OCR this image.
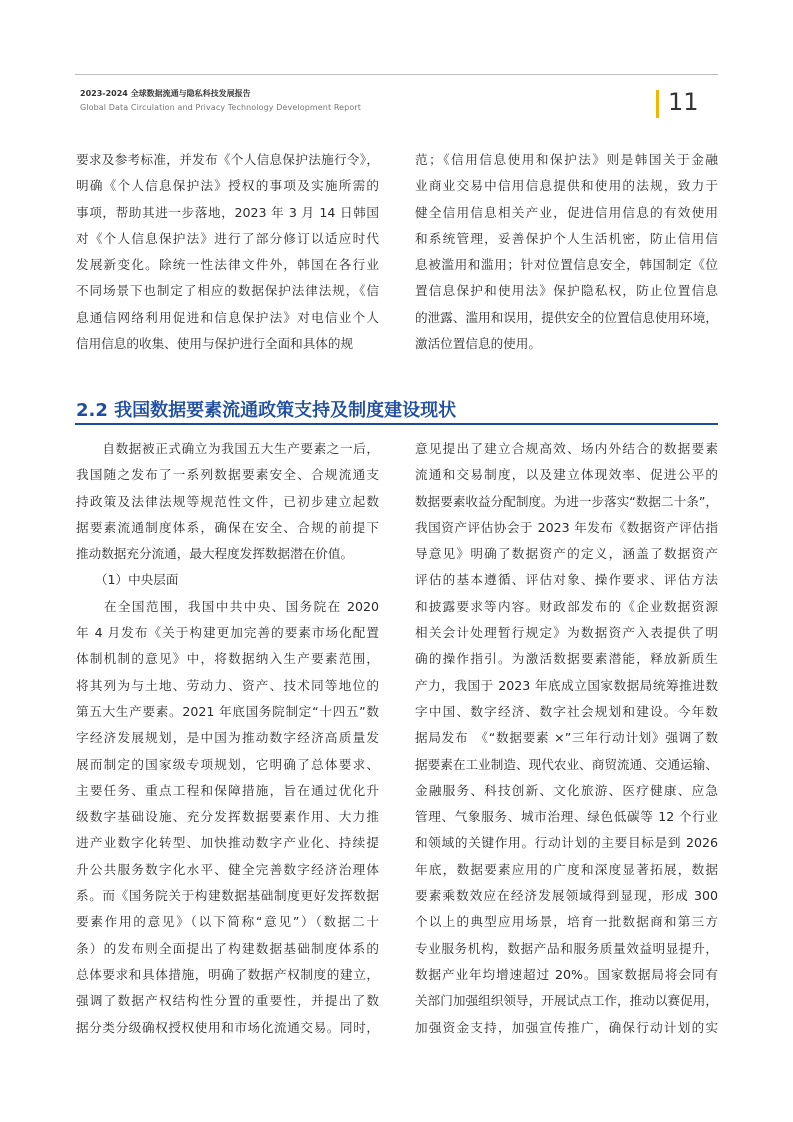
2023-2024 全球数据流通与隐私科技发展报告
Global Data Circulation and Privacy Technology Development Report	11
要求及参考标准，并发布《个人信息保护法施行令》，
明确《个人信息保护法》授权的事项及实施所需的
事项，帮助其进一步落地，2023 年 3 月 14 日韩国
对《个人信息保护法》进行了部分修订以适应时代
发展新变化。除统一性法律文件外，韩国在各行业
不同场景下也制定了相应的数据保护法律法规，《信
息通信网络利用促进和信息保护法》对电信业个人
信用信息的收集、使用与保护进行全面和具体的规
范；《信用信息使用和保护法》则是韩国关于金融
业商业交易中信用信息提供和使用的法规，致力于
健全信用信息相关产业，促进信用信息的有效使用
和系统管理，妥善保护个人生活机密，防止信用信
息被滥用和滥用；针对位置信息安全，韩国制定《位
置信息保护和使用法》保护隐私权，防止位置信息
的泄露、滥用和误用，提供安全的位置信息使用环境，
激活位置信息的使用。
2.2 我国数据要素流通政策支持及制度建设现状
　　自数据被正式确立为我国五大生产要素之一后，
我国随之发布了一系列数据要素安全、合规流通支
持政策及法律法规等规范性文件，已初步建立起数
据要素流通制度体系，确保在安全、合规的前提下
推动数据充分流通，最大程度发挥数据潜在价值。
　　（1）中央层面
　　在全国范围，我国中共中央、国务院在 2020
年 4 月发布《关于构建更加完善的要素市场化配置
体制机制的意见》中，将数据纳入生产要素范围，
将其列为与土地、劳动力、资产、技术同等地位的
第五大生产要素。2021 年底国务院制定“十四五”数
字经济发展规划，是中国为推动数字经济高质量发
展而制定的国家级专项规划，它明确了总体要求、
主要任务、重点工程和保障措施，旨在通过优化升
级数字基础设施、充分发挥数据要素作用、大力推
进产业数字化转型、加快推动数字产业化、持续提
升公共服务数字化水平、健全完善数字经济治理体
系。而《国务院关于构建数据基础制度更好发挥数据
要素作用的意见》（以下简称“意见”）（数据二十
条）的发布则全面提出了构建数据基础制度体系的
总体要求和具体措施，明确了数据产权制度的建立，
强调了数据产权结构性分置的重要性，并提出了数
据分类分级确权授权使用和市场化流通交易。同时，
意见提出了建立合规高效、场内外结合的数据要素
流通和交易制度，以及建立体现效率、促进公平的
数据要素收益分配制度。为进一步落实“数据二十条”，
我国资产评估协会于 2023 年发布《数据资产评估指
导意见》明确了数据资产的定义，涵盖了数据资产
评估的基本遵循、评估对象、操作要求、评估方法
和披露要求等内容。财政部发布的《企业数据资源
相关会计处理暂行规定》为数据资产入表提供了明
确的操作指引。为激活数据要素潜能，释放新质生
产力，我国于 2023 年底成立国家数据局统筹推进数
字中国、数字经济、数字社会规划和建设。今年数
据局发布　《“数据要素 ×”三年行动计划》强调了数
据要素在工业制造、现代农业、商贸流通、交通运输、
金融服务、科技创新、文化旅游、医疗健康、应急
管理、气象服务、城市治理、绿色低碳等 12 个行业
和领域的关键作用。行动计划的主要目标是到 2026
年底，数据要素应用的广度和深度显著拓展，数据
要素乘数效应在经济发展领域得到显现，形成 300
个以上的典型应用场景，培育一批数据商和第三方
专业服务机构，数据产品和服务质量效益明显提升，
数据产业年均增速超过 20%。国家数据局将会同有
关部门加强组织领导，开展试点工作，推动以赛促用，
加强资金支持，加强宣传推广，确保行动计划的实
